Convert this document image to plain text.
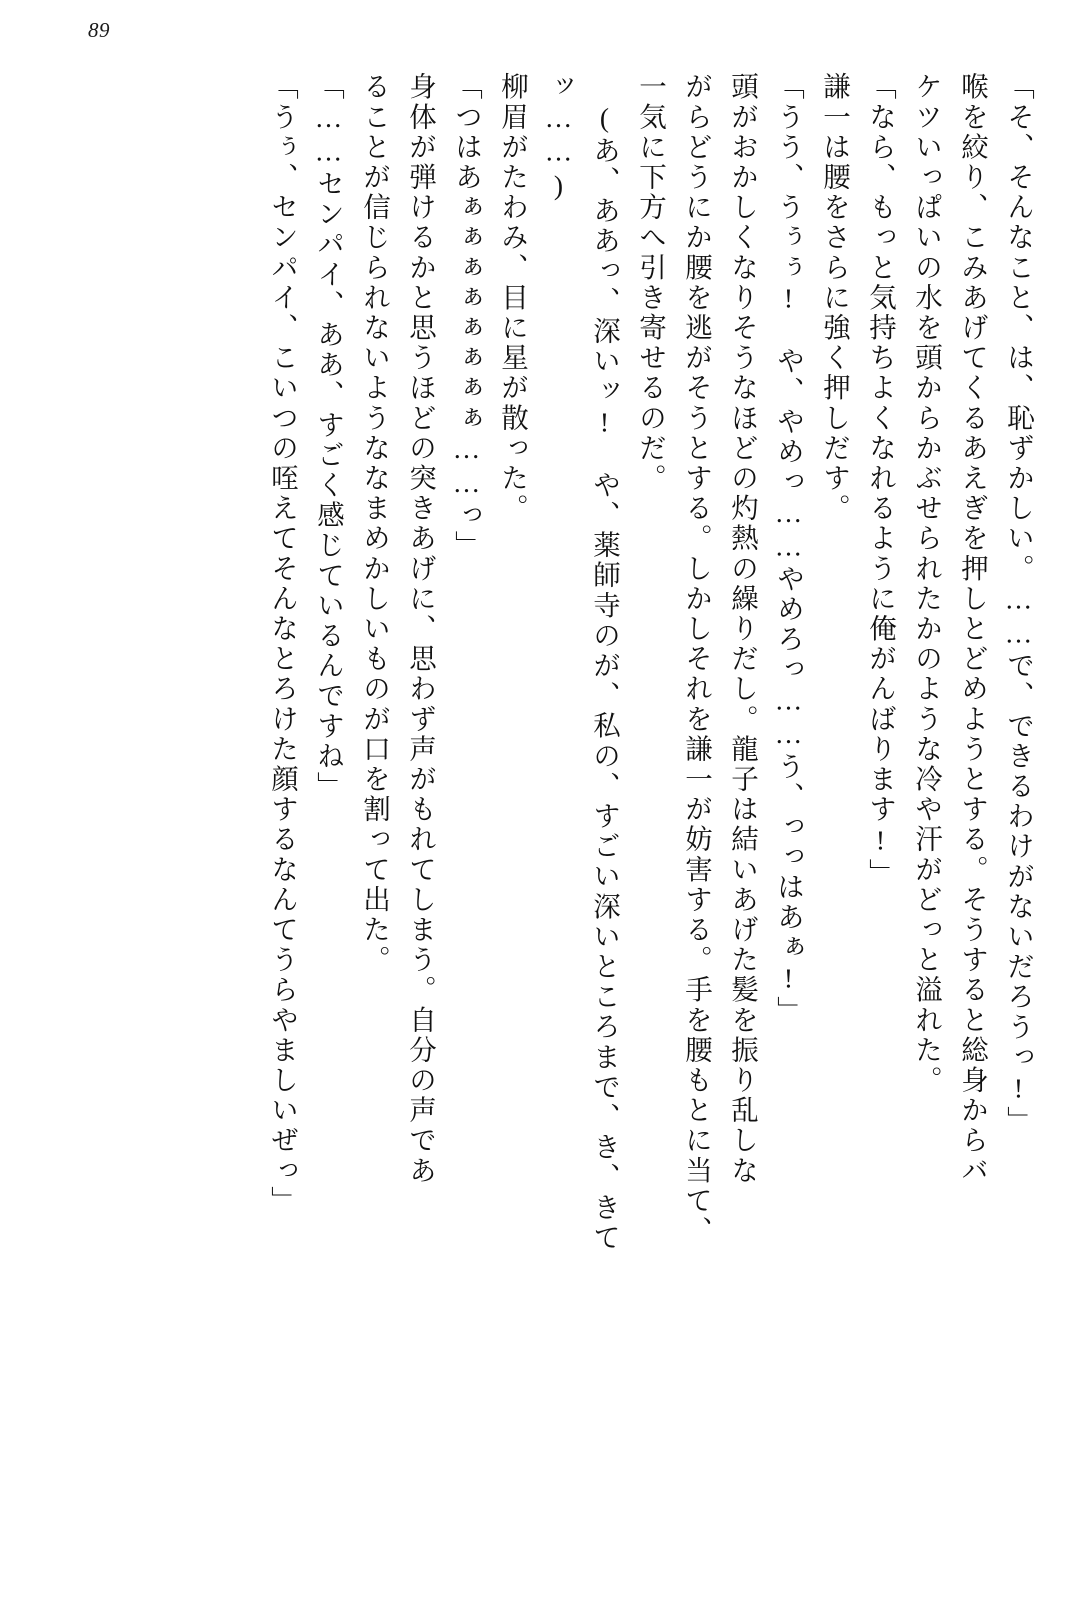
89
「そ、そんなこと、は、恥ずかしい。……で、できるわけがないだろうっ!」
喉を絞り、こみあげてくるあえぎを押しとどめようとする。そうすると総身からバ
ケツいっぱいの水を頭からかぶせられたかのような冷や汗がどっと溢れた。
「なら、もっと気持ちよくなれるように俺がんばります!」
謙一は腰をさらに強く押しだす。
「うう、うぅぅ!　や、やめっ……やめろっ……う、っっはあぁ!」
頭がおかしくなりそうなほどの灼熱の繰りだし。龍子は結いあげた髪を振り乱しな
がらどうにか腰を逃がそうとする。しかしそれを謙一が妨害する。手を腰もとに当て、
一気に下方へ引き寄せるのだ。
(あ、ああっ、深いッ!　や、薬師寺のが、私の、すごい深いところまで、き、きて
ッ……)
柳眉がたわみ、目に星が散った。
「つはあぁぁぁぁぁぁぁぁ……っ」
身体が弾けるかと思うほどの突きあげに、思わず声がもれてしまう。自分の声であ
ることが信じられないようななまめかしいものが口を割って出た。
「……センパイ、ああ、すごく感じているんですね」
「うぅ、センパイ、こいつの咥えてそんなとろけた顔するなんてうらやましいぜっ」
